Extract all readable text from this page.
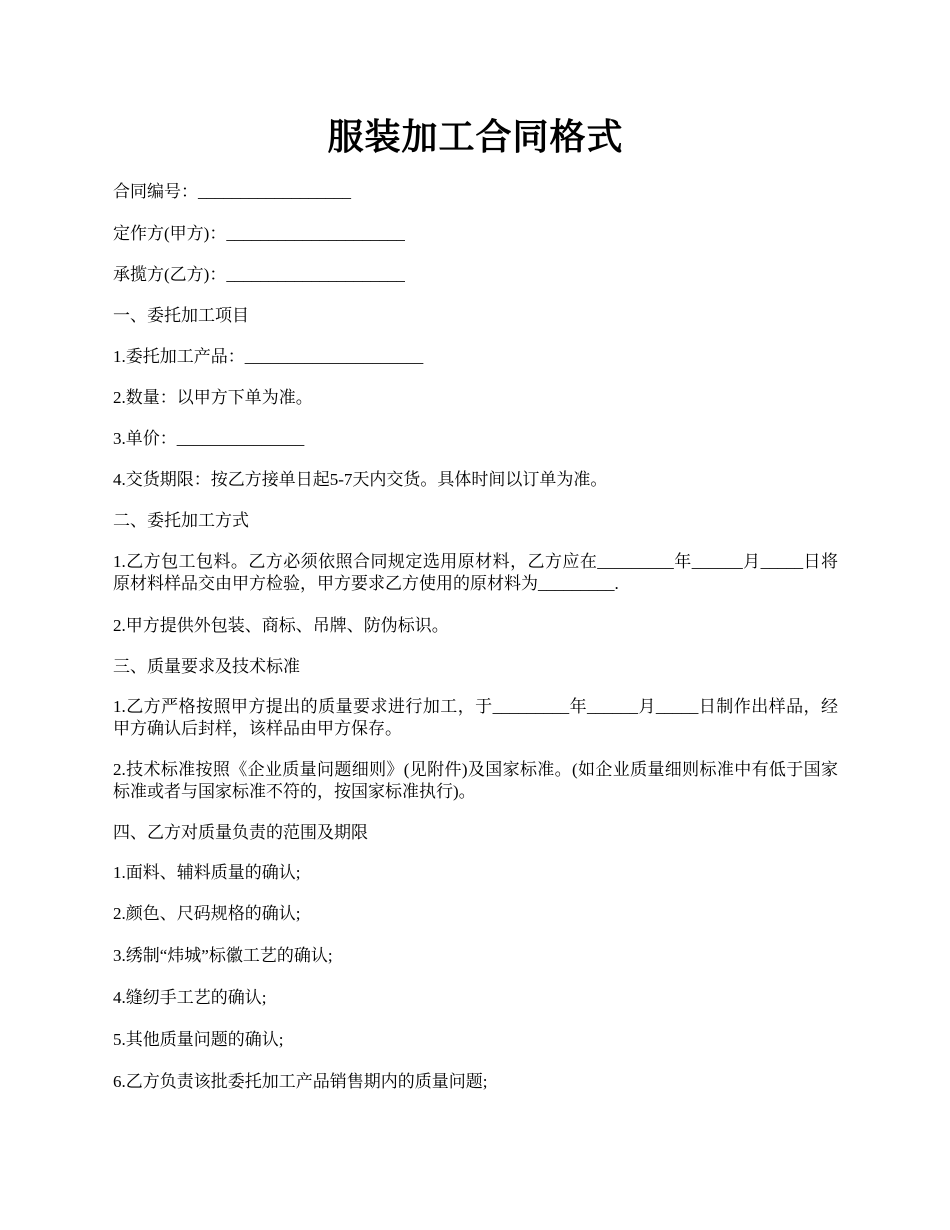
服装加工合同格式

合同编号：__________________

定作方(甲方)：_____________________

承揽方(乙方)：_____________________

一、委托加工项目

1.委托加工产品：_____________________

2.数量：以甲方下单为准。

3.单价：_______________

4.交货期限：按乙方接单日起5-7天内交货。具体时间以订单为准。

二、委托加工方式

1.乙方包工包料。乙方必须依照合同规定选用原材料，乙方应在_________年______月_____日将原材料样品交由甲方检验，甲方要求乙方使用的原材料为_________.

2.甲方提供外包装、商标、吊牌、防伪标识。

三、质量要求及技术标准

1.乙方严格按照甲方提出的质量要求进行加工，于_________年______月_____日制作出样品，经甲方确认后封样，该样品由甲方保存。

2.技术标准按照《企业质量问题细则》(见附件)及国家标准。(如企业质量细则标准中有低于国家标准或者与国家标准不符的，按国家标准执行)。

四、乙方对质量负责的范围及期限

1.面料、辅料质量的确认;

2.颜色、尺码规格的确认;

3.绣制“炜城”标徽工艺的确认;

4.缝纫手工艺的确认;

5.其他质量问题的确认;

6.乙方负责该批委托加工产品销售期内的质量问题;
